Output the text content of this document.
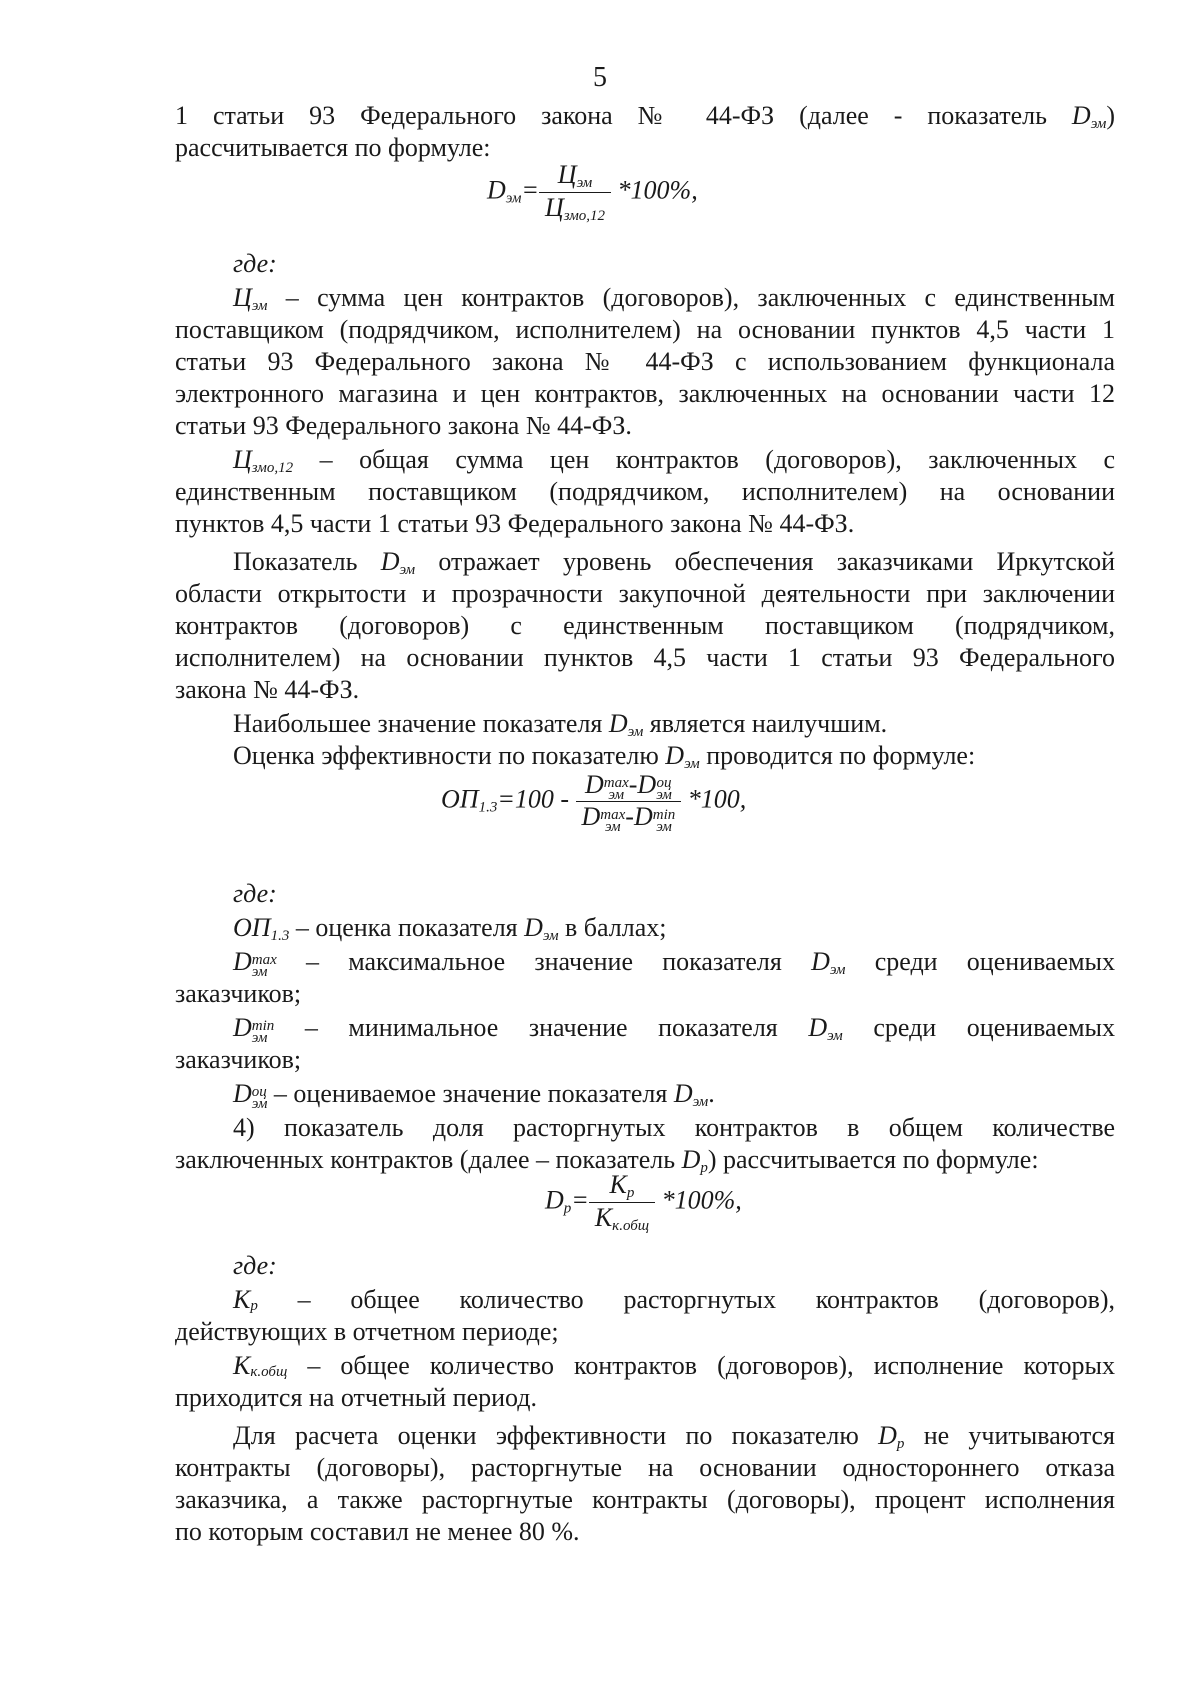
5
1 статьи 93 Федерального закона № 44-ФЗ (далее - показатель $D_{эм}$)
рассчитывается по формуле:
$D_{эм}= \frac{Ц_{эм}}{Ц_{змо,12}} *100\%$,
где:
$Ц_{эм}$ – сумма цен контрактов (договоров), заключенных с единственным
поставщиком (подрядчиком, исполнителем) на основании пунктов 4,5 части 1
статьи 93 Федерального закона № 44-ФЗ с использованием функционала
электронного магазина и цен контрактов, заключенных на основании части 12
статьи 93 Федерального закона № 44-ФЗ.
$Ц_{змо,12}$ – общая сумма цен контрактов (договоров), заключенных с
единственным поставщиком (подрядчиком, исполнителем) на основании
пунктов 4,5 части 1 статьи 93 Федерального закона № 44-ФЗ.
Показатель $D_{эм}$ отражает уровень обеспечения заказчиками Иркутской
области открытости и прозрачности закупочной деятельности при заключении
контрактов (договоров) с единственным поставщиком (подрядчиком,
исполнителем) на основании пунктов 4,5 части 1 статьи 93 Федерального
закона № 44-ФЗ.
Наибольшее значение показателя $D_{эм}$ является наилучшим.
Оценка эффективности по показателю $D_{эм}$ проводится по формуле:
$ОП_{1.3}=100 - D$ max
эм -D оц
эм
D max
эм -D min
эм *100,
где:
$ОП_{1.3}$ – оценка показателя $D_{эм}$ в баллах;
D max
эм	– максимальное значение показателя $D_{эм}$ среди оцениваемых
заказчиков;
D min
эм – минимальное значение показателя $D_{эм}$ среди оцениваемых
заказчиков;
D оц
эм – оцениваемое значение показателя $D_{эм}$.
4) показатель доля расторгнутых контрактов в общем количестве
заключенных контрактов (далее – показатель $D_р$) рассчитывается по формуле:
$D_р= \frac{K_р}{K_{к.общ}} *100\%$,
где:
Kр – общее количество расторгнутых контрактов (договоров),
действующих в отчетном периоде;
Kк.общ – общее количество контрактов (договоров), исполнение которых
приходится на отчетный период.
Для расчета оценки эффективности по показателю $D_р$ не учитываются
контракты (договоры), расторгнутые на основании одностороннего отказа
заказчика, а также расторгнутые контракты (договоры), процент исполнения
по которым составил не менее 80 %.
